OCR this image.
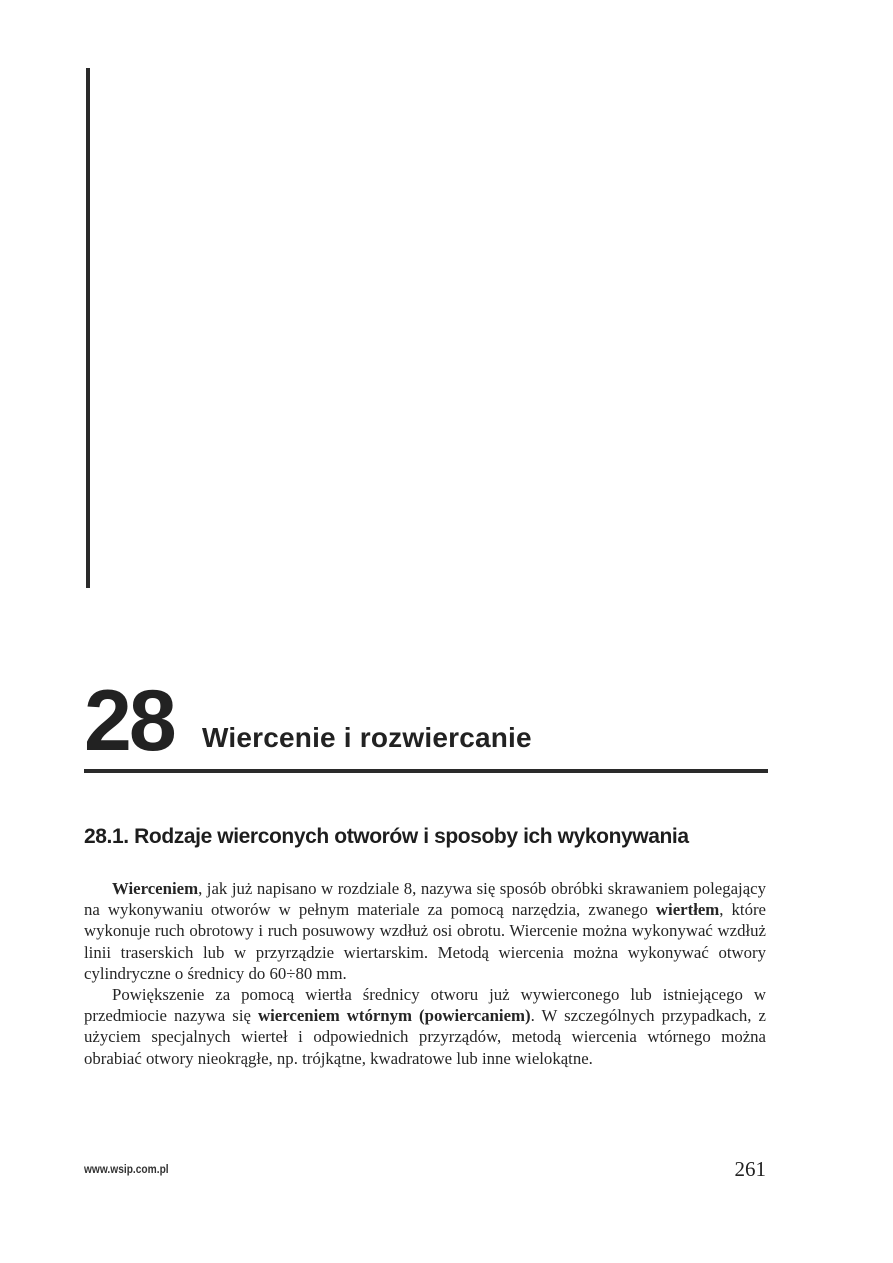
28 Wiercenie i rozwiercanie
28.1. Rodzaje wierconych otworów i sposoby ich wykonywania

Wierceniem, jak już napisano w rozdziale 8, nazywa się sposób obróbki skrawaniem polegający na wykonywaniu otworów w pełnym materiale za pomocą narzędzia, zwanego wiertłem, które wykonuje ruch obrotowy i ruch posuwowy wzdłuż osi obrotu. Wiercenie można wykonywać wzdłuż linii traserskich lub w przyrządzie wiertarskim. Metodą wiercenia można wykonywać otwory cylindryczne o średnicy do 60÷80 mm.

Powiększenie za pomocą wiertła średnicy otworu już wywierconego lub istniejącego w przedmiocie nazywa się wierceniem wtórnym (powiercaniem). W szczególnych przypadkach, z użyciem specjalnych wierteł i odpowiednich przyrządów, metodą wiercenia wtórnego można obrabiać otwory nieokrągłe, np. trójkątne, kwadratowe lub inne wielokątne.

www.wsip.com.pl	261
